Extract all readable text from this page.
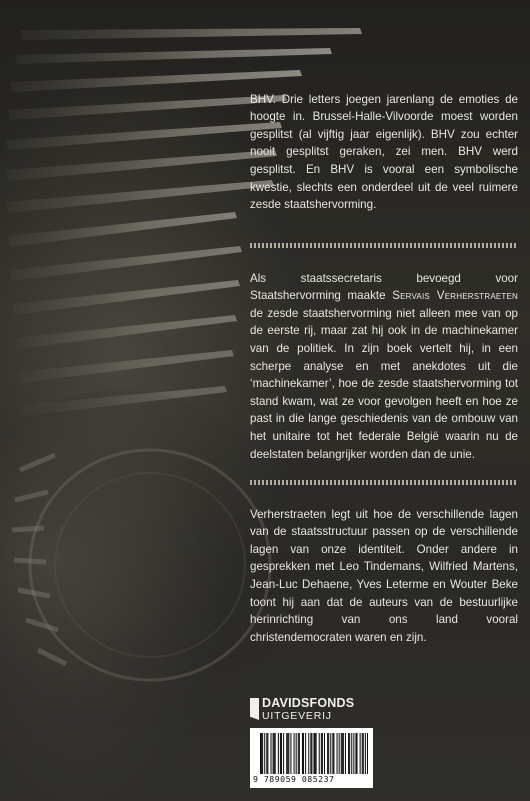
BHV. Drie letters joegen jarenlang de emoties de hoogte in. Brussel-Halle-Vilvoorde moest worden gesplitst (al vijftig jaar eigenlijk). BHV zou echter nooit gesplitst geraken, zei men. BHV werd gesplitst. En BHV is vooral een symbolische kwestie, slechts een onderdeel uit de veel ruimere zesde staatshervorming.

Als staatssecretaris bevoegd voor Staatshervorming maakte Servais Verherstraeten de zesde staatshervorming niet alleen mee van op de eerste rij, maar zat hij ook in de machinekamer van de politiek. In zijn boek vertelt hij, in een scherpe analyse en met anekdotes uit die ‘machinekamer’, hoe de zesde staatshervorming tot stand kwam, wat ze voor gevolgen heeft en hoe ze past in die lange geschiedenis van de ombouw van het unitaire tot het federale België waarin nu de deelstaten belangrijker worden dan de unie.

Verherstraeten legt uit hoe de verschillende lagen van de staatsstructuur passen op de verschillende lagen van onze identiteit. Onder andere in gesprekken met Leo Tindemans, Wilfried Martens, Jean-Luc Dehaene, Yves Leterme en Wouter Beke toont hij aan dat de auteurs van de bestuurlijke herinrichting van ons land vooral christendemocraten waren en zijn.

DAVIDSFONDS
UITGEVERIJ
9 789059 085237
